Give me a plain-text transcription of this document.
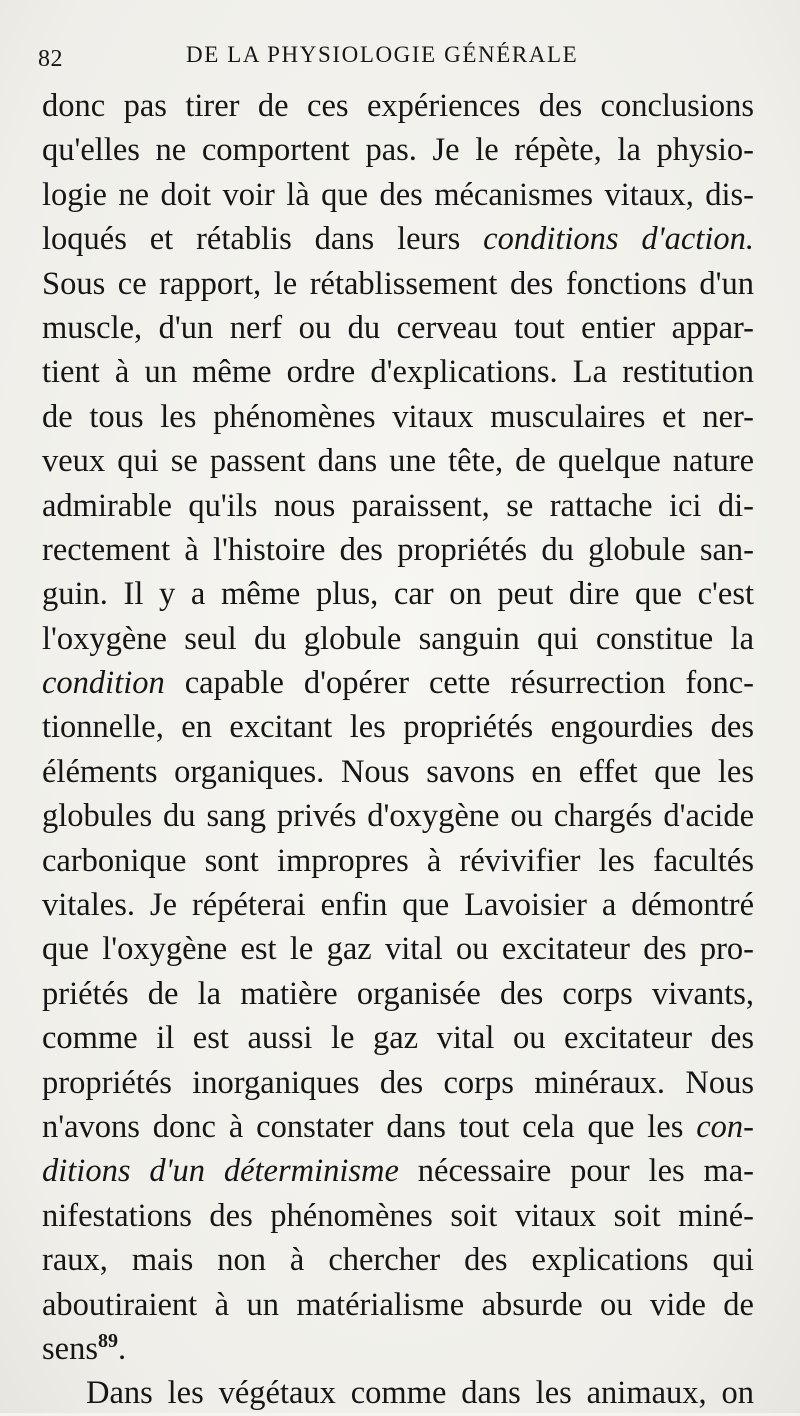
82	DE LA PHYSIOLOGIE GÉNÉRALE
donc pas tirer de ces expériences des conclusions
qu'elles ne comportent pas. Je le répète, la physio-
logie ne doit voir là que des mécanismes vitaux, dis-
loqués et rétablis dans leurs conditions d'action.
Sous ce rapport, le rétablissement des fonctions d'un
muscle, d'un nerf ou du cerveau tout entier appar-
tient à un même ordre d'explications. La restitution
de tous les phénomènes vitaux musculaires et ner-
veux qui se passent dans une tête, de quelque nature
admirable qu'ils nous paraissent, se rattache ici di-
rectement à l'histoire des propriétés du globule san-
guin. Il y a même plus, car on peut dire que c'est
l'oxygène seul du globule sanguin qui constitue la
condition capable d'opérer cette résurrection fonc-
tionnelle, en excitant les propriétés engourdies des
éléments organiques. Nous savons en effet que les
globules du sang privés d'oxygène ou chargés d'acide
carbonique sont impropres à révivifier les facultés
vitales. Je répéterai enfin que Lavoisier a démontré
que l'oxygène est le gaz vital ou excitateur des pro-
priétés de la matière organisée des corps vivants,
comme il est aussi le gaz vital ou excitateur des
propriétés inorganiques des corps minéraux. Nous
n'avons donc à constater dans tout cela que les con-
ditions d'un déterminisme nécessaire pour les ma-
nifestations des phénomènes soit vitaux soit miné-
raux, mais non à chercher des explications qui
aboutiraient à un matérialisme absurde ou vide de
sens$^{89}$.
Dans les végétaux comme dans les animaux, on
